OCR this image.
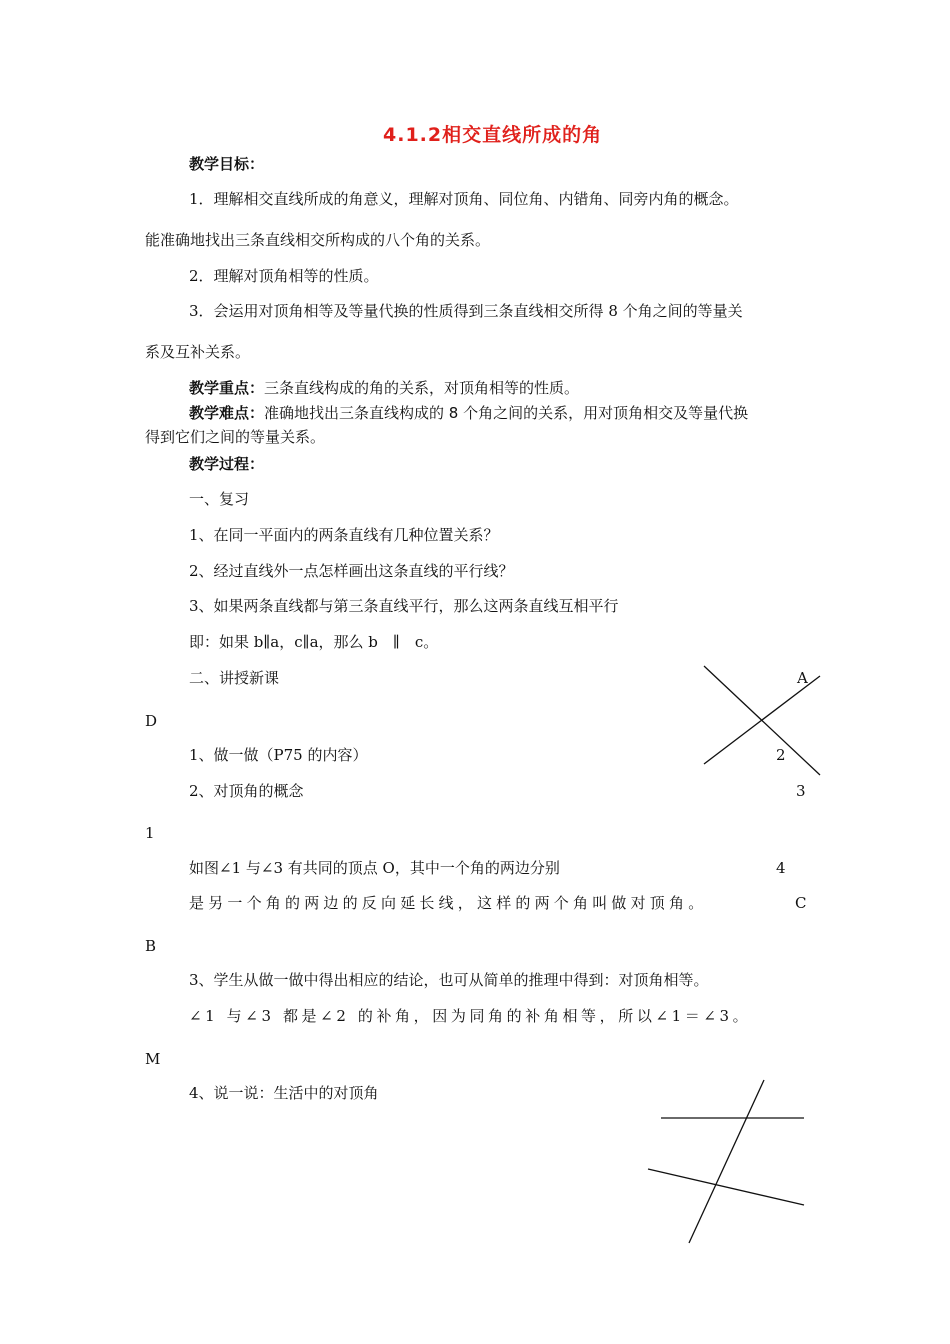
4.1.2相交直线所成的角
教学目标：
1．理解相交直线所成的角意义，理解对顶角、同位角、内错角、同旁内角的概念。
能准确地找出三条直线相交所构成的八个角的关系。
2．理解对顶角相等的性质。
3．会运用对顶角相等及等量代换的性质得到三条直线相交所得 8 个角之间的等量关
系及互补关系。
教学重点：三条直线构成的角的关系，对顶角相等的性质。
教学难点：准确地找出三条直线构成的 8 个角之间的关系，用对顶角相交及等量代换
得到它们之间的等量关系。
教学过程：
一、复习
1、在同一平面内的两条直线有几种位置关系？
2、经过直线外一点怎样画出这条直线的平行线？
3、如果两条直线都与第三条直线平行，那么这两条直线互相平行
即：如果 b∥a，c∥a，那么 b　∥　c。
二、讲授新课
1、做一做（P75 的内容）
2、对顶角的概念
如图∠1 与∠3 有共同的顶点 O，其中一个角的两边分别
是另一个角的两边的反向延长线，这样的两个角叫做对顶角。
3、学生从做一做中得出相应的结论，也可从简单的推理中得到：对顶角相等。
∠1 与∠3 都是∠2 的补角，因为同角的补角相等，所以∠1＝∠3。
4、说一说：生活中的对顶角
A
D
2
3
1
4
C
B
M
